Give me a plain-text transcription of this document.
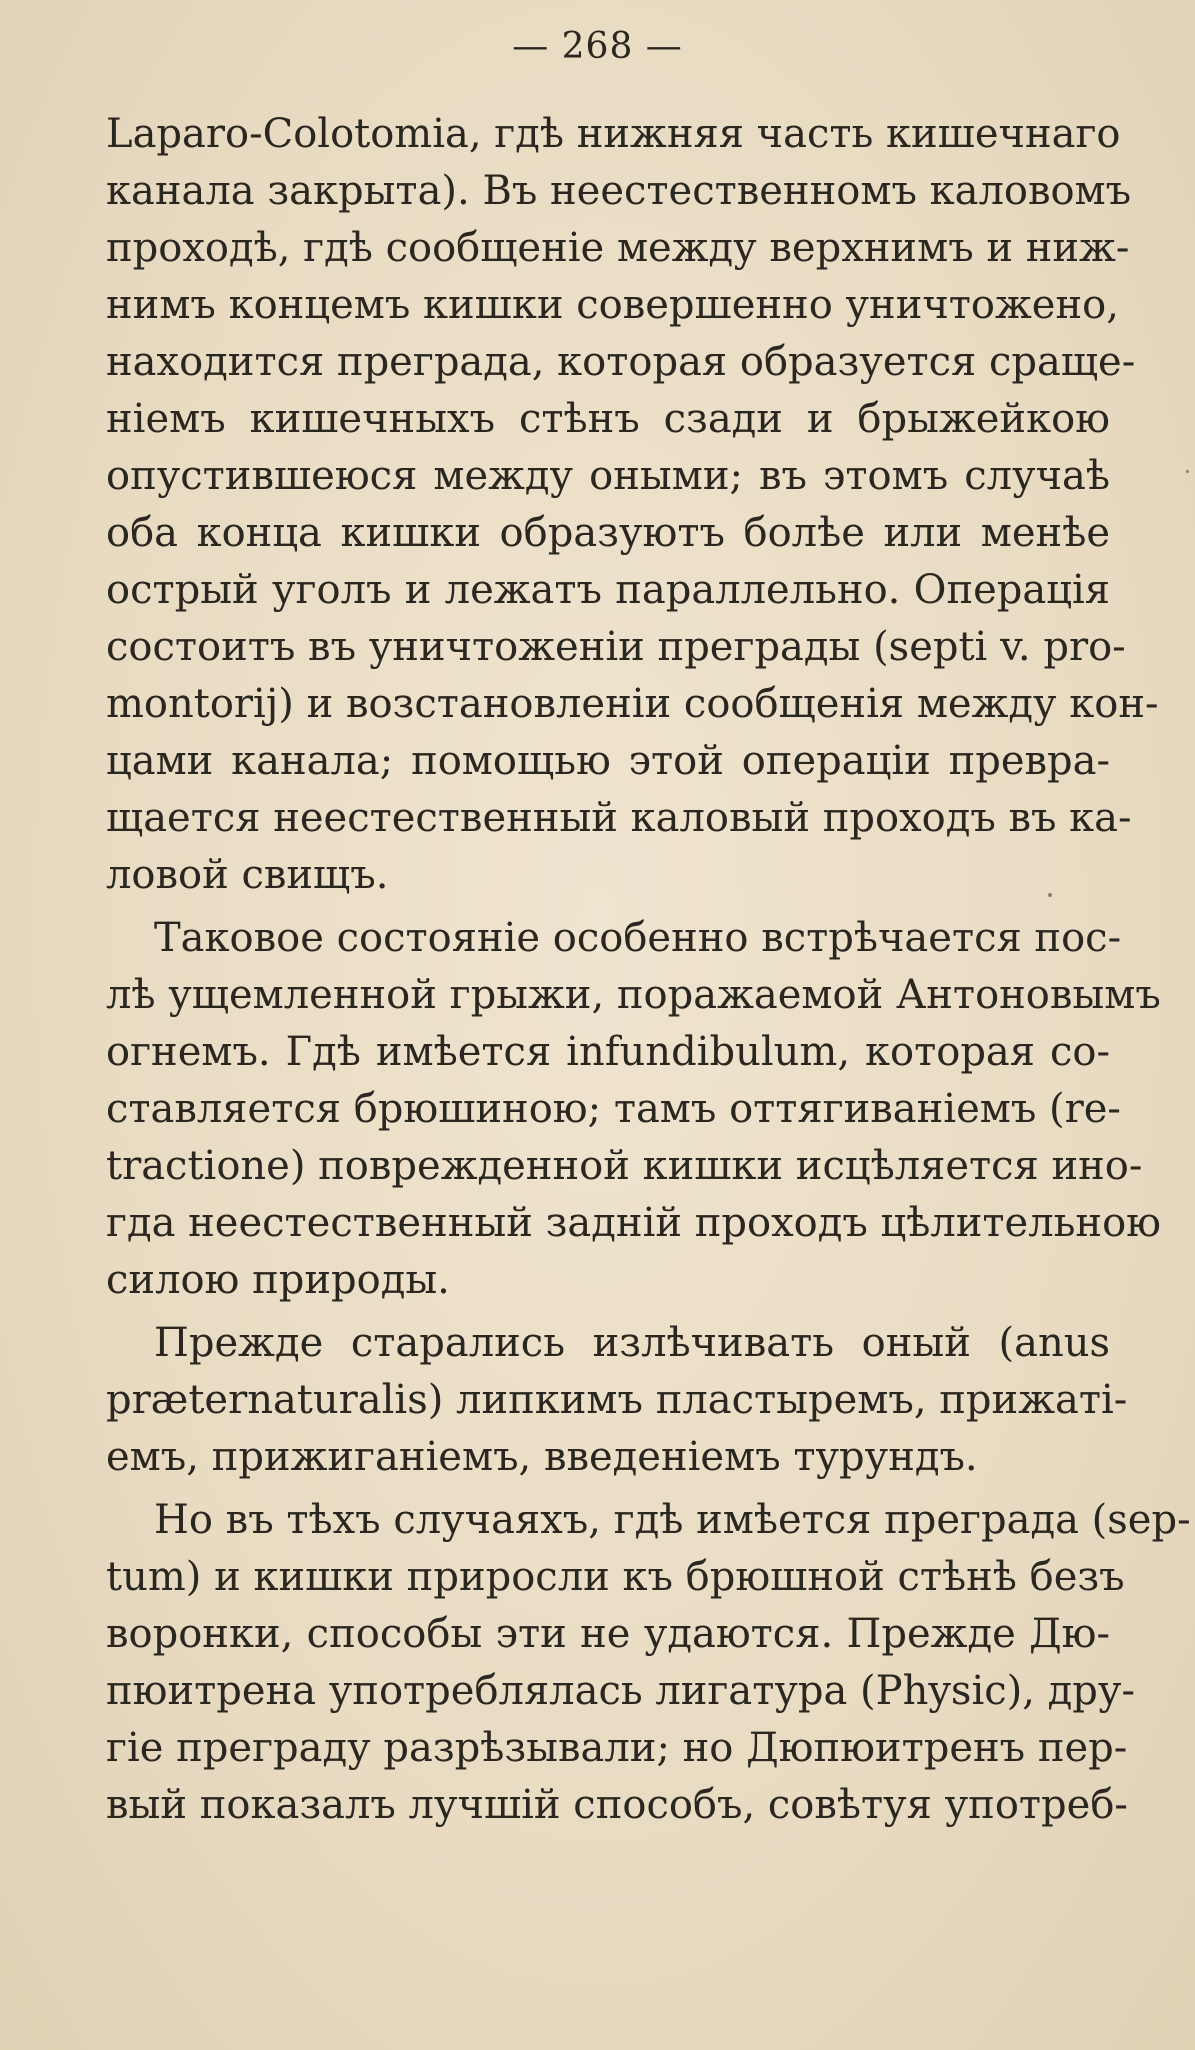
— 268 —
Laparo-Colotomia, гдѣ нижняя часть кишечнаго
канала закрыта). Въ неестественномъ каловомъ
проходѣ, гдѣ сообщеніе между верхнимъ и ниж-
нимъ концемъ кишки совершенно уничтожено,
находится преграда, которая образуется сраще-
ніемъ кишечныхъ стѣнъ сзади и брыжейкою
опустившеюся между оными; въ этомъ случаѣ
оба конца кишки образуютъ болѣе или менѣе
острый уголъ и лежатъ параллельно. Операція
состоитъ въ уничтоженіи преграды (septi v. pro-
montorij) и возстановленіи сообщенія между кон-
цами канала; помощью этой операціи превра-
щается неестественный каловый проходъ въ ка-
ловой свищъ.
Таковое состояніе особенно встрѣчается пос-
лѣ ущемленной грыжи, поражаемой Антоновымъ
огнемъ. Гдѣ имѣется infundibulum, которая со-
ставляется брюшиною; тамъ оттягиваніемъ (re-
tractione) поврежденной кишки исцѣляется ино-
гда неестественный задній проходъ цѣлительною
силою природы.
Прежде старались излѣчивать оный (anus
præternaturalis) липкимъ пластыремъ, прижаті-
емъ, прижиганіемъ, введеніемъ турундъ.
Но въ тѣхъ случаяхъ, гдѣ имѣется преграда (sep-
tum) и кишки приросли къ брюшной стѣнѣ безъ
воронки, способы эти не удаются. Прежде Дю-
пюитрена употреблялась лигатура (Physic), дру-
гіе преграду разрѣзывали; но Дюпюитренъ пер-
вый показалъ лучшій способъ, совѣтуя употреб-
